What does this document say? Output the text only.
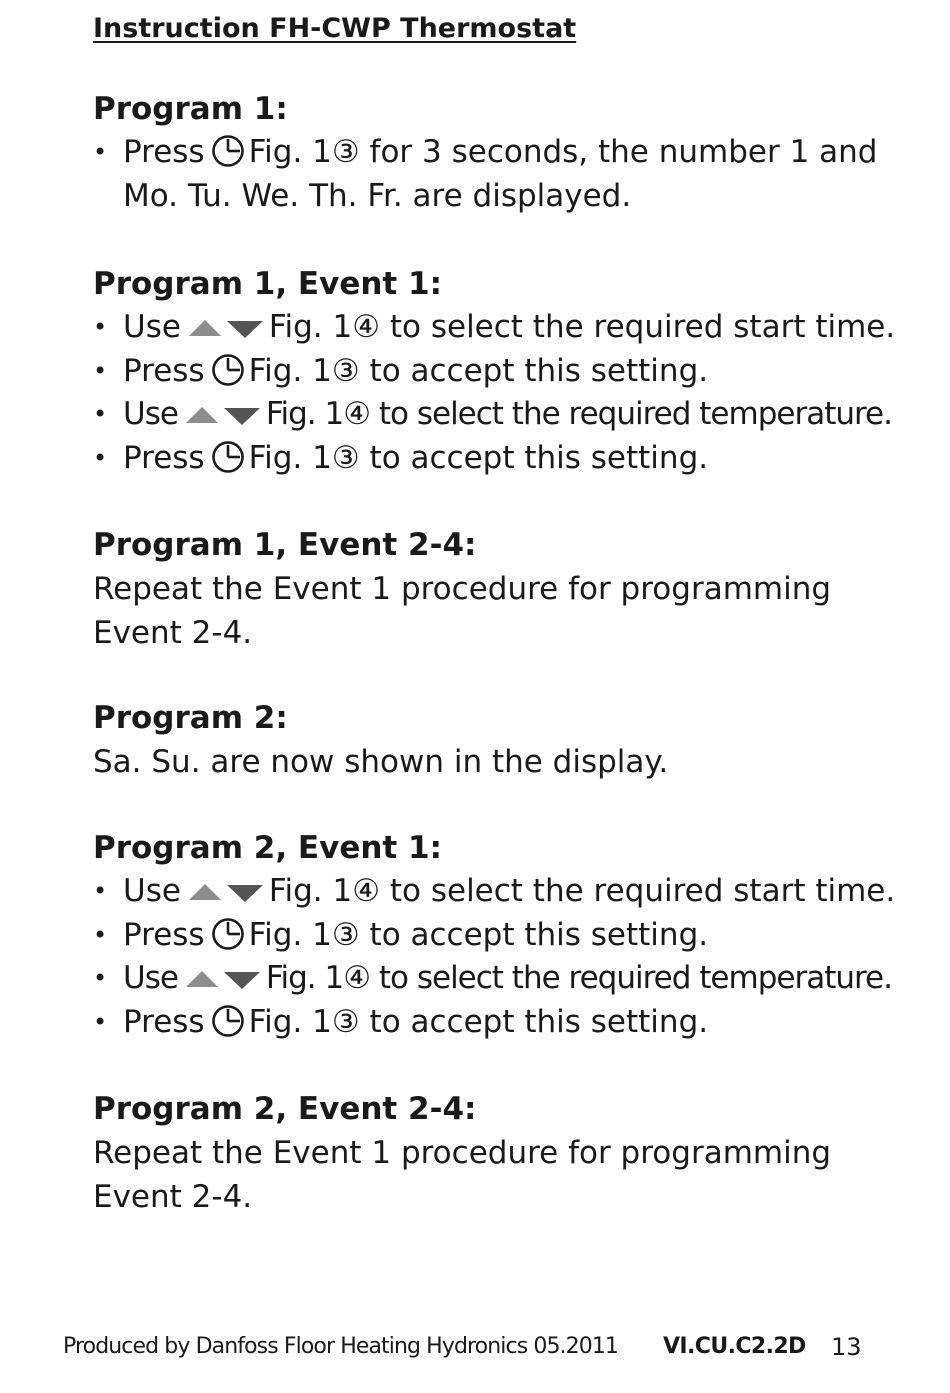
Instruction FH-CWP Thermostat
Program 1:
• Press Fig. 1③ for 3 seconds, the number 1 and
Mo. Tu. We. Th. Fr. are displayed.
Program 1, Event 1:
• Use	Fig. 1④ to select the required start time.
• Press Fig. 1③ to accept this setting.
• Use	Fig. 1④ to select the required temperature.
• Press Fig. 1③ to accept this setting.
Program 1, Event 2-4:
Repeat the Event 1 procedure for programming
Event 2-4.
Program 2:
Sa. Su. are now shown in the display.
Program 2, Event 1:
• Use	Fig. 1④ to select the required start time.
• Press Fig. 1③ to accept this setting.
• Use	Fig. 1④ to select the required temperature.
• Press Fig. 1③ to accept this setting.
Program 2, Event 2-4:
Repeat the Event 1 procedure for programming
Event 2-4.
Produced by Danfoss Floor Heating Hydronics 05.2011 VI.CU.C2.2D 13
